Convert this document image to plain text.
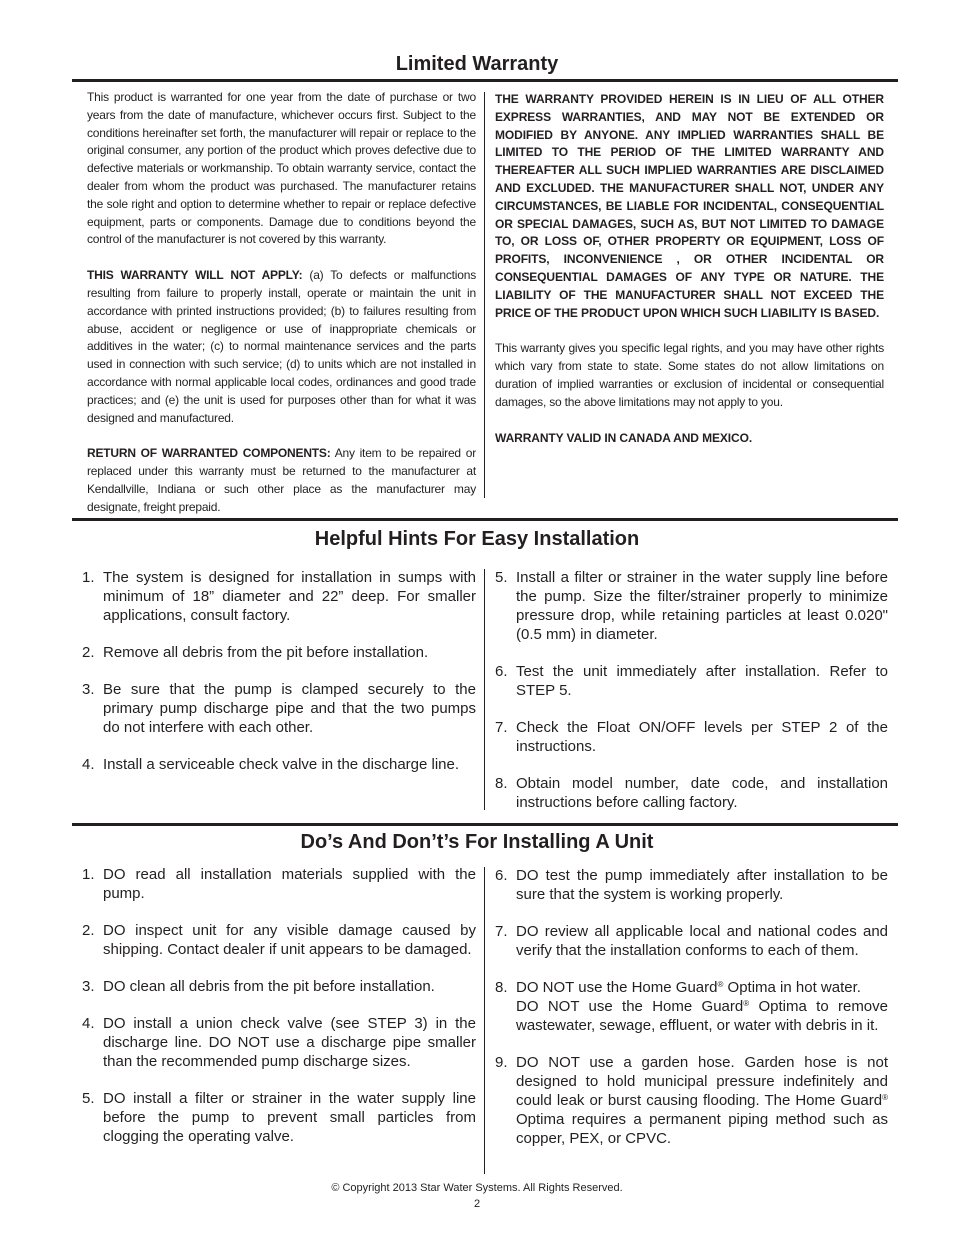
Limited Warranty

This product is warranted for one year from the date of purchase or two years from the date of manufacture, whichever occurs first. Subject to the conditions hereinafter set forth, the manufacturer will repair or replace to the original consumer, any portion of the product which proves defective due to defective materials or workmanship. To obtain warranty service, contact the dealer from whom the product was purchased. The manufacturer retains the sole right and option to determine whether to repair or replace defective equipment, parts or components. Damage due to conditions beyond the control of the manufacturer is not covered by this warranty.

THIS WARRANTY WILL NOT APPLY: (a) To defects or malfunctions resulting from failure to properly install, operate or maintain the unit in accordance with printed instructions provided; (b) to failures resulting from abuse, accident or negligence or use of inappropriate chemicals or additives in the water; (c) to normal maintenance services and the parts used in connection with such service; (d) to units which are not installed in accordance with normal applicable local codes, ordinances and good trade practices; and (e) the unit is used for purposes other than for what it was designed and manufactured.

RETURN OF WARRANTED COMPONENTS: Any item to be repaired or replaced under this warranty must be returned to the manufacturer at Kendallville, Indiana or such other place as the manufacturer may designate, freight prepaid.

THE WARRANTY PROVIDED HEREIN IS IN LIEU OF ALL OTHER EXPRESS WARRANTIES, AND MAY NOT BE EXTENDED OR MODIFIED BY ANYONE. ANY IMPLIED WARRANTIES SHALL BE LIMITED TO THE PERIOD OF THE LIMITED WARRANTY AND THEREAFTER ALL SUCH IMPLIED WARRANTIES ARE DISCLAIMED AND EXCLUDED. THE MANUFACTURER SHALL NOT, UNDER ANY CIRCUMSTANCES, BE LIABLE FOR INCIDENTAL, CONSEQUENTIAL OR SPECIAL DAMAGES, SUCH AS, BUT NOT LIMITED TO DAMAGE TO, OR LOSS OF, OTHER PROPERTY OR EQUIPMENT, LOSS OF PROFITS, INCONVENIENCE , OR OTHER INCIDENTAL OR CONSEQUENTIAL DAMAGES OF ANY TYPE OR NATURE. THE LIABILITY OF THE MANUFACTURER SHALL NOT EXCEED THE PRICE OF THE PRODUCT UPON WHICH SUCH LIABILITY IS BASED.

This warranty gives you specific legal rights, and you may have other rights which vary from state to state. Some states do not allow limitations on duration of implied warranties or exclusion of incidental or consequential damages, so the above limitations may not apply to you.

WARRANTY VALID IN CANADA AND MEXICO.

Helpful Hints For Easy Installation
1. The system is designed for installation in sumps with minimum of 18” diameter and 22” deep. For smaller applications, consult factory.
2. Remove all debris from the pit before installation.
3. Be sure that the pump is clamped securely to the primary pump discharge pipe and that the two pumps do not interfere with each other.
4. Install a serviceable check valve in the discharge line.
5. Install a filter or strainer in the water supply line before the pump. Size the filter/strainer properly to minimize pressure drop, while retaining particles at least 0.020" (0.5 mm) in diameter.
6. Test the unit immediately after installation. Refer to STEP 5.
7. Check the Float ON/OFF levels per STEP 2 of the instructions.
8. Obtain model number, date code, and installation instructions before calling factory.
Do’s And Don’t’s For Installing A Unit
1. DO read all installation materials supplied with the pump.
2. DO inspect unit for any visible damage caused by shipping. Contact dealer if unit appears to be damaged.
3. DO clean all debris from the pit before installation.
4. DO install a union check valve (see STEP 3) in the discharge line. DO NOT use a discharge pipe smaller than the recommended pump discharge sizes.
5. DO install a filter or strainer in the water supply line before the pump to prevent small particles from clogging the operating valve.
6. DO test the pump immediately after installation to be sure that the system is working properly.
7. DO review all applicable local and national codes and verify that the installation conforms to each of them.
8. DO NOT use the Home Guard® Optima in hot water.
DO NOT use the Home Guard® Optima to remove wastewater, sewage, effluent, or water with debris in it.
9. DO NOT use a garden hose. Garden hose is not designed to hold municipal pressure indefinitely and could leak or burst causing flooding. The Home Guard® Optima requires a permanent piping method such as copper, PEX, or CPVC.
© Copyright 2013 Star Water Systems. All Rights Reserved.
2
